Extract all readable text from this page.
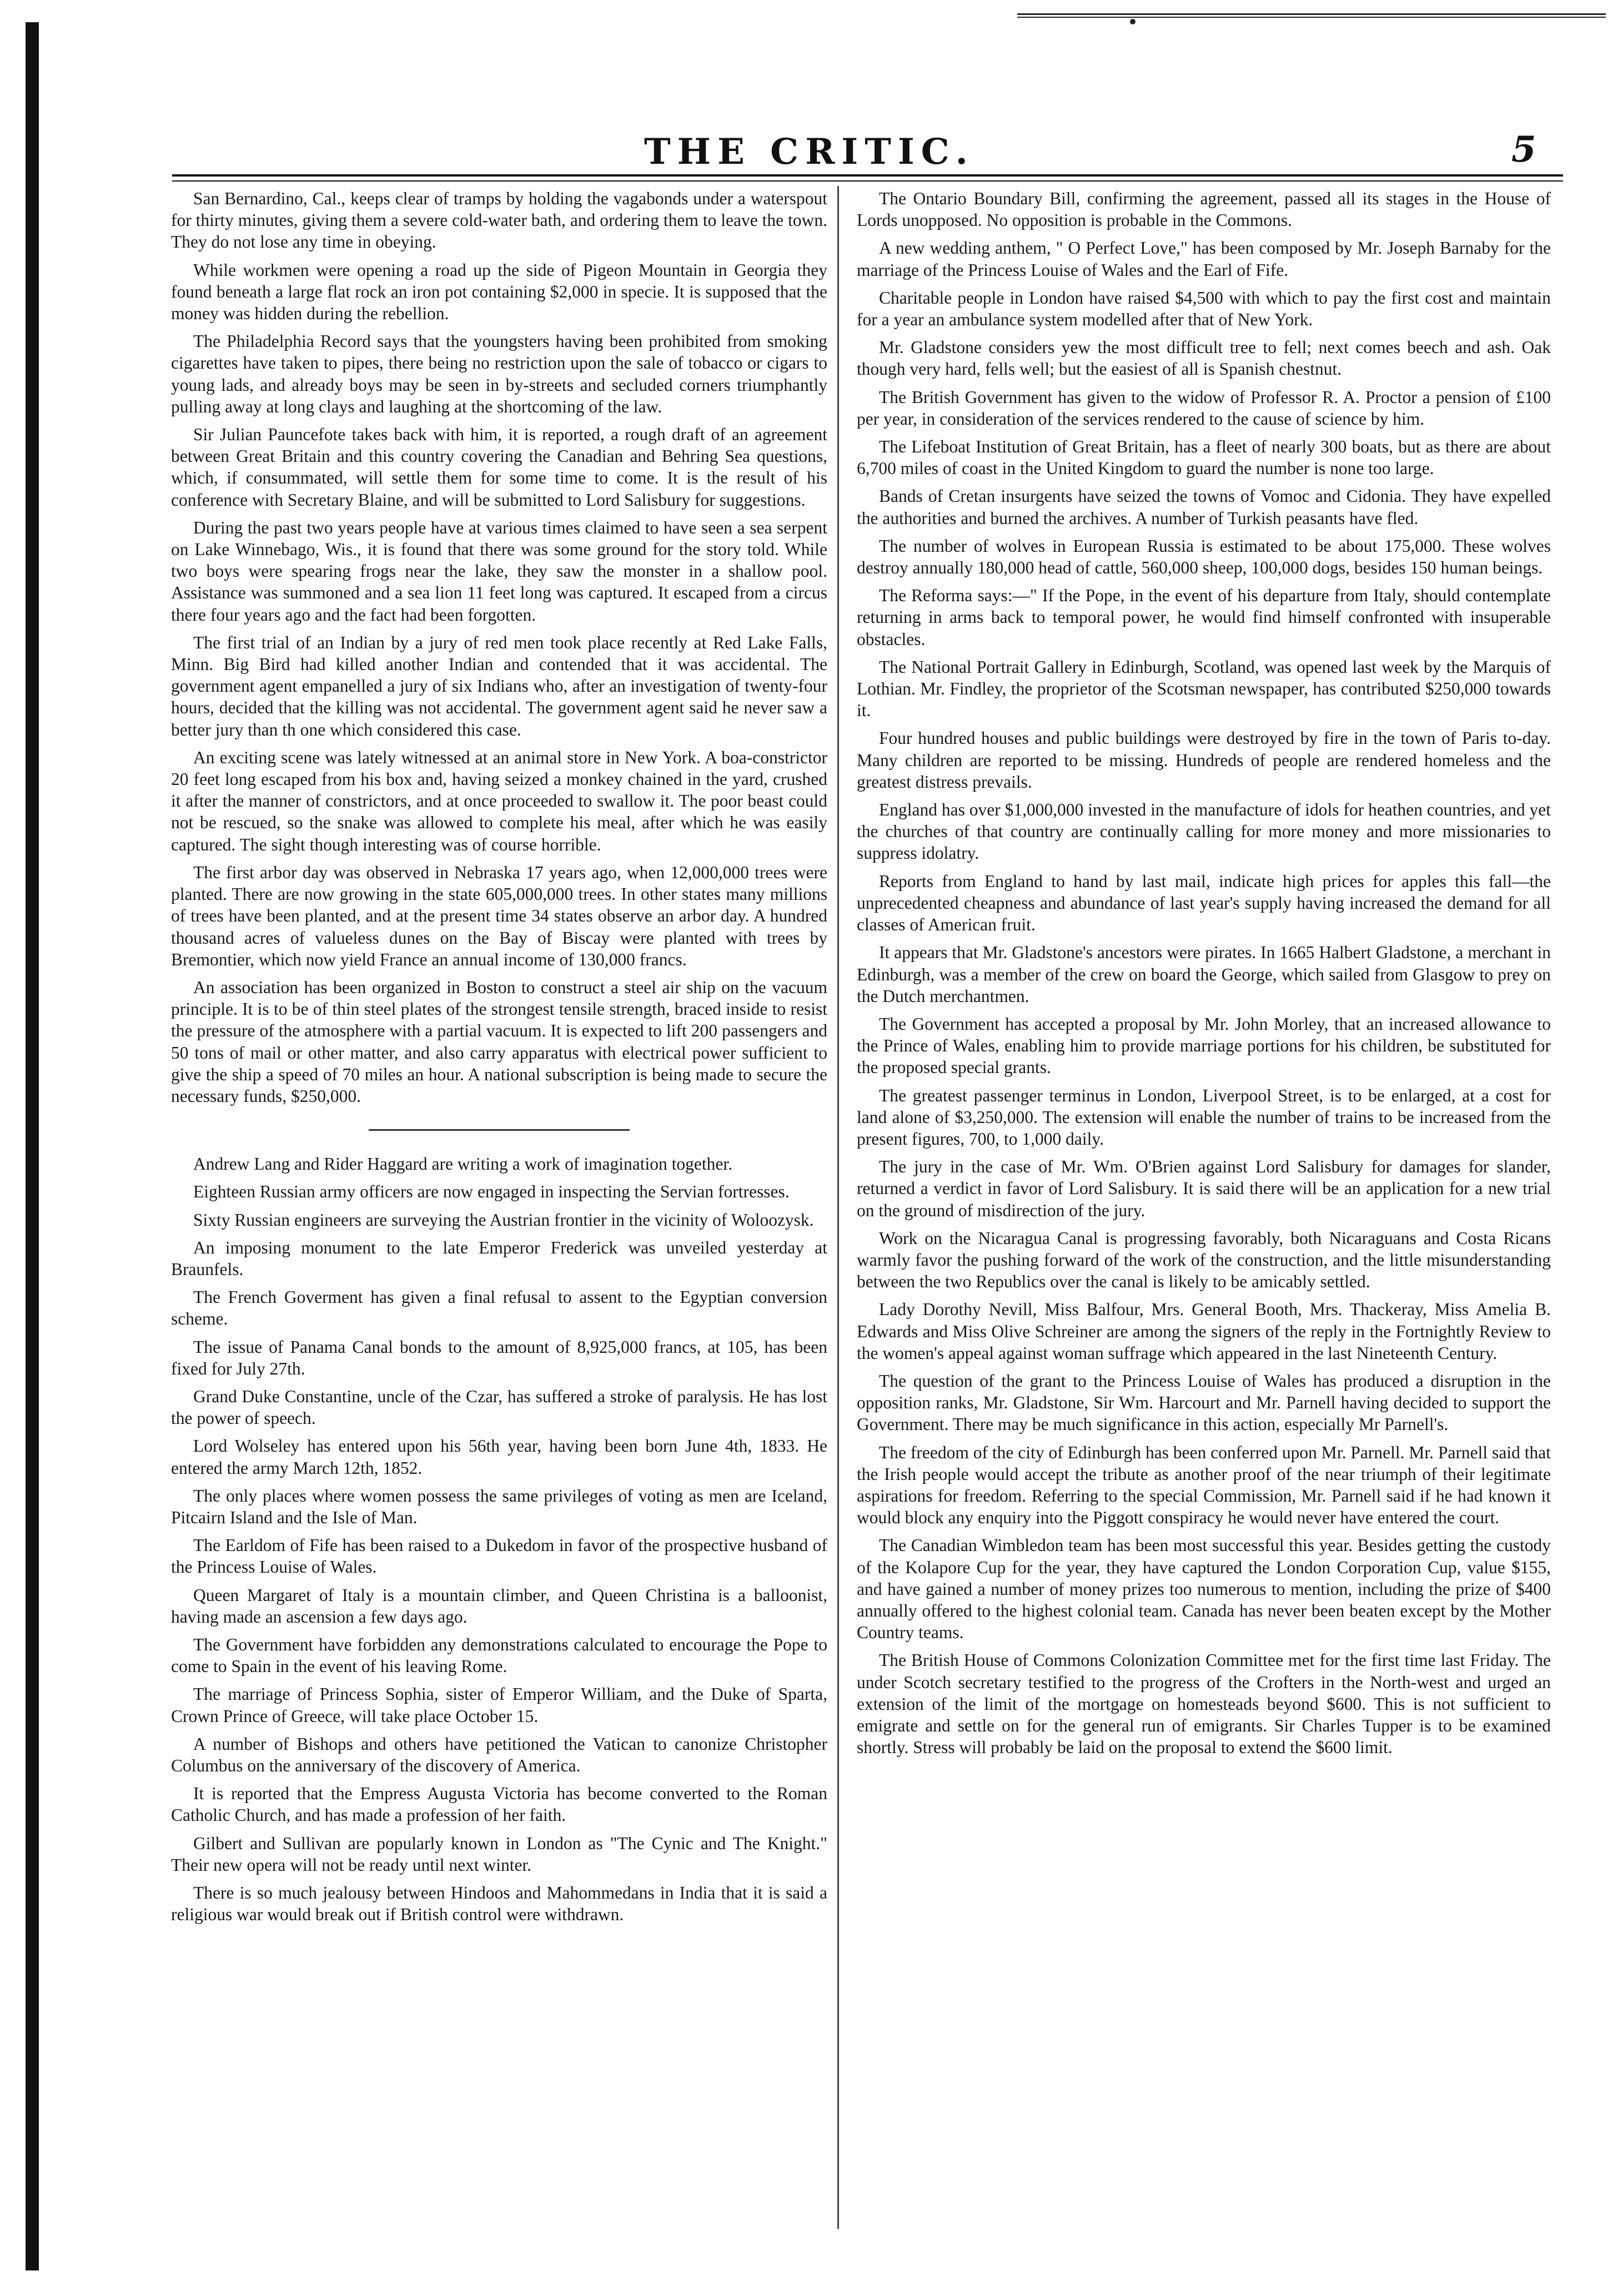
THE CRITIC.	5

San Bernardino, Cal., keeps clear of tramps by holding the vagabonds under a waterspout for thirty minutes, giving them a severe cold-water bath, and ordering them to leave the town. They do not lose any time in obeying.

While workmen were opening a road up the side of Pigeon Mountain in Georgia they found beneath a large flat rock an iron pot containing $2,000 in specie. It is supposed that the money was hidden during the rebellion.

The Philadelphia Record says that the youngsters having been prohibited from smoking cigarettes have taken to pipes, there being no restriction upon the sale of tobacco or cigars to young lads, and already boys may be seen in by-streets and secluded corners triumphantly pulling away at long clays and laughing at the shortcoming of the law.

Sir Julian Pauncefote takes back with him, it is reported, a rough draft of an agreement between Great Britain and this country covering the Canadian and Behring Sea questions, which, if consummated, will settle them for some time to come. It is the result of his conference with Secretary Blaine, and will be submitted to Lord Salisbury for suggestions.

During the past two years people have at various times claimed to have seen a sea serpent on Lake Winnebago, Wis., it is found that there was some ground for the story told. While two boys were spearing frogs near the lake, they saw the monster in a shallow pool. Assistance was summoned and a sea lion 11 feet long was captured. It escaped from a circus there four years ago and the fact had been forgotten.

The first trial of an Indian by a jury of red men took place recently at Red Lake Falls, Minn. Big Bird had killed another Indian and contended that it was accidental. The government agent empanelled a jury of six Indians who, after an investigation of twenty-four hours, decided that the killing was not accidental. The government agent said he never saw a better jury than th one which considered this case.

An exciting scene was lately witnessed at an animal store in New York. A boa-constrictor 20 feet long escaped from his box and, having seized a monkey chained in the yard, crushed it after the manner of constrictors, and at once proceeded to swallow it. The poor beast could not be rescued, so the snake was allowed to complete his meal, after which he was easily captured. The sight though interesting was of course horrible.

The first arbor day was observed in Nebraska 17 years ago, when 12,000,000 trees were planted. There are now growing in the state 605,000,000 trees. In other states many millions of trees have been planted, and at the present time 34 states observe an arbor day. A hundred thousand acres of valueless dunes on the Bay of Biscay were planted with trees by Bremontier, which now yield France an annual income of 130,000 francs.

An association has been organized in Boston to construct a steel air ship on the vacuum principle. It is to be of thin steel plates of the strongest tensile strength, braced inside to resist the pressure of the atmosphere with a partial vacuum. It is expected to lift 200 passengers and 50 tons of mail or other matter, and also carry apparatus with electrical power sufficient to give the ship a speed of 70 miles an hour. A national subscription is being made to secure the necessary funds, $250,000.

Andrew Lang and Rider Haggard are writing a work of imagination together.

Eighteen Russian army officers are now engaged in inspecting the Servian fortresses.

Sixty Russian engineers are surveying the Austrian frontier in the vicinity of Woloozysk.

An imposing monument to the late Emperor Frederick was unveiled yesterday at Braunfels.

The French Goverment has given a final refusal to assent to the Egyptian conversion scheme.

The issue of Panama Canal bonds to the amount of 8,925,000 francs, at 105, has been fixed for July 27th.

Grand Duke Constantine, uncle of the Czar, has suffered a stroke of paralysis. He has lost the power of speech.

Lord Wolseley has entered upon his 56th year, having been born June 4th, 1833. He entered the army March 12th, 1852.

The only places where women possess the same privileges of voting as men are Iceland, Pitcairn Island and the Isle of Man.

The Earldom of Fife has been raised to a Dukedom in favor of the prospective husband of the Princess Louise of Wales.

Queen Margaret of Italy is a mountain climber, and Queen Christina is a balloonist, having made an ascension a few days ago.

The Government have forbidden any demonstrations calculated to encourage the Pope to come to Spain in the event of his leaving Rome.

The marriage of Princess Sophia, sister of Emperor William, and the Duke of Sparta, Crown Prince of Greece, will take place October 15.

A number of Bishops and others have petitioned the Vatican to canonize Christopher Columbus on the anniversary of the discovery of America.

It is reported that the Empress Augusta Victoria has become converted to the Roman Catholic Church, and has made a profession of her faith.

Gilbert and Sullivan are popularly known in London as "The Cynic and The Knight." Their new opera will not be ready until next winter.

There is so much jealousy between Hindoos and Mahommedans in India that it is said a religious war would break out if British control were withdrawn.

The Ontario Boundary Bill, confirming the agreement, passed all its stages in the House of Lords unopposed. No opposition is probable in the Commons.

A new wedding anthem, " O Perfect Love," has been composed by Mr. Joseph Barnaby for the marriage of the Princess Louise of Wales and the Earl of Fife.

Charitable people in London have raised $4,500 with which to pay the first cost and maintain for a year an ambulance system modelled after that of New York.

Mr. Gladstone considers yew the most difficult tree to fell; next comes beech and ash. Oak though very hard, fells well; but the easiest of all is Spanish chestnut.

The British Government has given to the widow of Professor R. A. Proctor a pension of £100 per year, in consideration of the services rendered to the cause of science by him.

The Lifeboat Institution of Great Britain, has a fleet of nearly 300 boats, but as there are about 6,700 miles of coast in the United Kingdom to guard the number is none too large.

Bands of Cretan insurgents have seized the towns of Vomoc and Cidonia. They have expelled the authorities and burned the archives. A number of Turkish peasants have fled.

The number of wolves in European Russia is estimated to be about 175,000. These wolves destroy annually 180,000 head of cattle, 560,000 sheep, 100,000 dogs, besides 150 human beings.

The Reforma says:—" If the Pope, in the event of his departure from Italy, should contemplate returning in arms back to temporal power, he would find himself confronted with insuperable obstacles.

The National Portrait Gallery in Edinburgh, Scotland, was opened last week by the Marquis of Lothian. Mr. Findley, the proprietor of the Scotsman newspaper, has contributed $250,000 towards it.

Four hundred houses and public buildings were destroyed by fire in the town of Paris to-day. Many children are reported to be missing. Hundreds of people are rendered homeless and the greatest distress prevails.

England has over $1,000,000 invested in the manufacture of idols for heathen countries, and yet the churches of that country are continually calling for more money and more missionaries to suppress idolatry.

Reports from England to hand by last mail, indicate high prices for apples this fall—the unprecedented cheapness and abundance of last year's supply having increased the demand for all classes of American fruit.

It appears that Mr. Gladstone's ancestors were pirates. In 1665 Halbert Gladstone, a merchant in Edinburgh, was a member of the crew on board the George, which sailed from Glasgow to prey on the Dutch merchantmen.

The Government has accepted a proposal by Mr. John Morley, that an increased allowance to the Prince of Wales, enabling him to provide marriage portions for his children, be substituted for the proposed special grants.

The greatest passenger terminus in London, Liverpool Street, is to be enlarged, at a cost for land alone of $3,250,000. The extension will enable the number of trains to be increased from the present figures, 700, to 1,000 daily.

The jury in the case of Mr. Wm. O'Brien against Lord Salisbury for damages for slander, returned a verdict in favor of Lord Salisbury. It is said there will be an application for a new trial on the ground of misdirection of the jury.

Work on the Nicaragua Canal is progressing favorably, both Nicaraguans and Costa Ricans warmly favor the pushing forward of the work of the construction, and the little misunderstanding between the two Republics over the canal is likely to be amicably settled.

Lady Dorothy Nevill, Miss Balfour, Mrs. General Booth, Mrs. Thackeray, Miss Amelia B. Edwards and Miss Olive Schreiner are among the signers of the reply in the Fortnightly Review to the women's appeal against woman suffrage which appeared in the last Nineteenth Century.

The question of the grant to the Princess Louise of Wales has produced a disruption in the opposition ranks, Mr. Gladstone, Sir Wm. Harcourt and Mr. Parnell having decided to support the Government. There may be much significance in this action, especially Mr Parnell's.

The freedom of the city of Edinburgh has been conferred upon Mr. Parnell. Mr. Parnell said that the Irish people would accept the tribute as another proof of the near triumph of their legitimate aspirations for freedom. Referring to the special Commission, Mr. Parnell said if he had known it would block any enquiry into the Piggott conspiracy he would never have entered the court.

The Canadian Wimbledon team has been most successful this year. Besides getting the custody of the Kolapore Cup for the year, they have captured the London Corporation Cup, value $155, and have gained a number of money prizes too numerous to mention, including the prize of $400 annually offered to the highest colonial team. Canada has never been beaten except by the Mother Country teams.

The British House of Commons Colonization Committee met for the first time last Friday. The under Scotch secretary testified to the progress of the Crofters in the North-west and urged an extension of the limit of the mortgage on homesteads beyond $600. This is not sufficient to emigrate and settle on for the general run of emigrants. Sir Charles Tupper is to be examined shortly. Stress will probably be laid on the proposal to extend the $600 limit.
